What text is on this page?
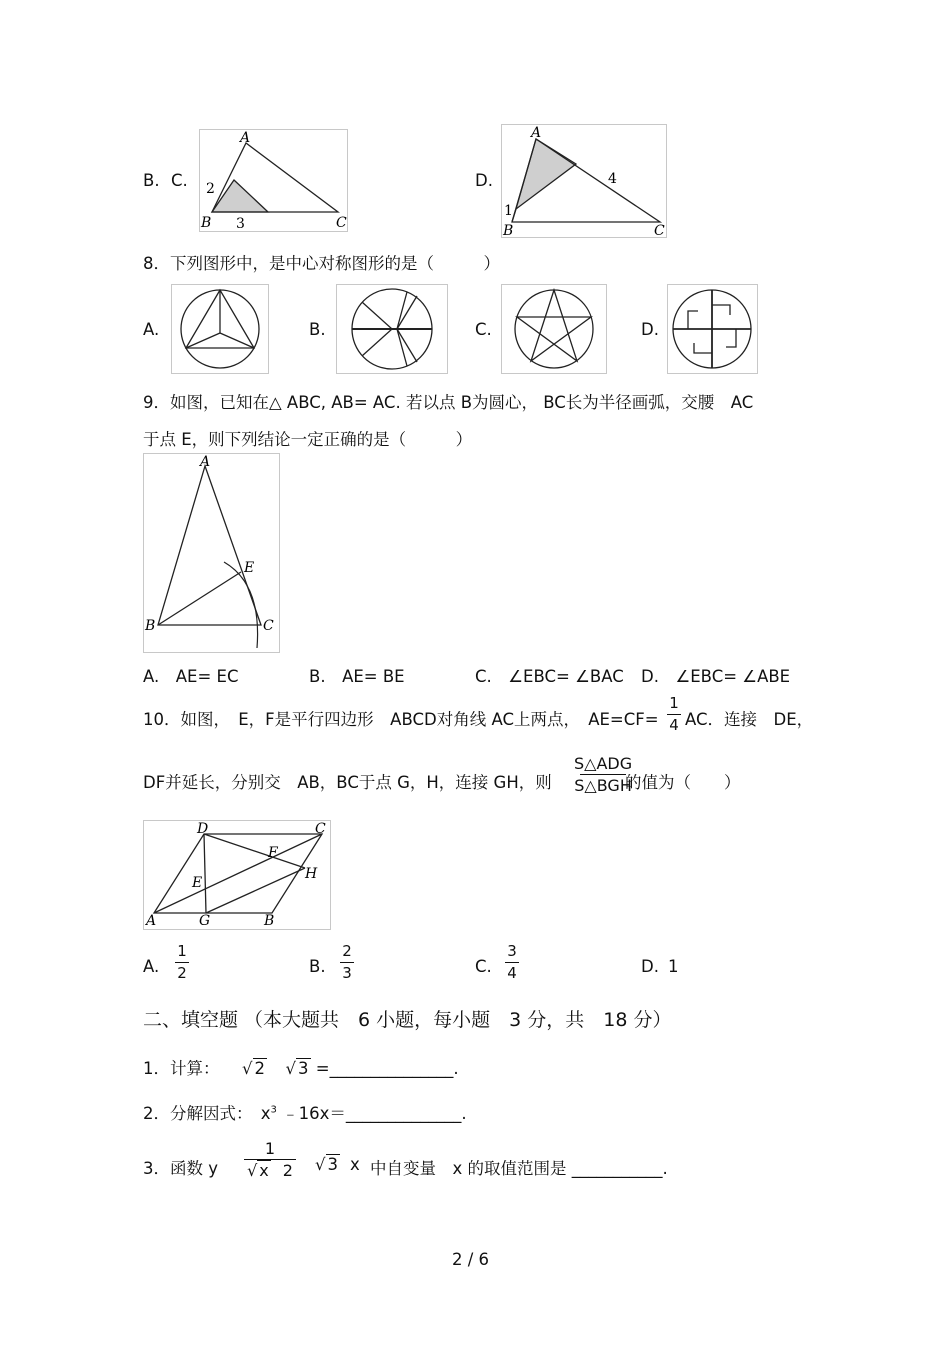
B. C.
A
B	C
2
3
D.
A
B	C
1
4
8．下列图形中，是中心对称图形的是（　　　）
A.	B.	C.	D.
9．如图，已知在△ ABC, AB= AC. 若以点 B为圆心， BC长为半径画弧，交腰　AC
于点 E，则下列结论一定正确的是（　　　）
A
B	C
E
A.　AE= EC	B.　AE= BE	C.　∠EBC= ∠BAC D.　∠EBC= ∠ABE
10．如图，　E，F是平行四边形　ABCD对角线 AC上两点，　AE=CF=
1
4 AC．连接　DE，
DF并延长，分别交　AB，BC于点 G，H，连接 GH，则
S△ADG
S△BGH
的值为（　　）
A	B
C
D
E
F
G
H
A.
1
2	B.
2
3	C.
3
4	D. 1
二、填空题 （本大题共　6 小题，每小题　3 分，共　18 分）
1．计算： √ 2 √ 3 =_______________.
2．分解因式：　$x^3$ ﹣16x＝______________.
3．函数 y
1
√ x 2 √ 3 x 中自变量　x 的取值范围是 ___________.
2 / 6
